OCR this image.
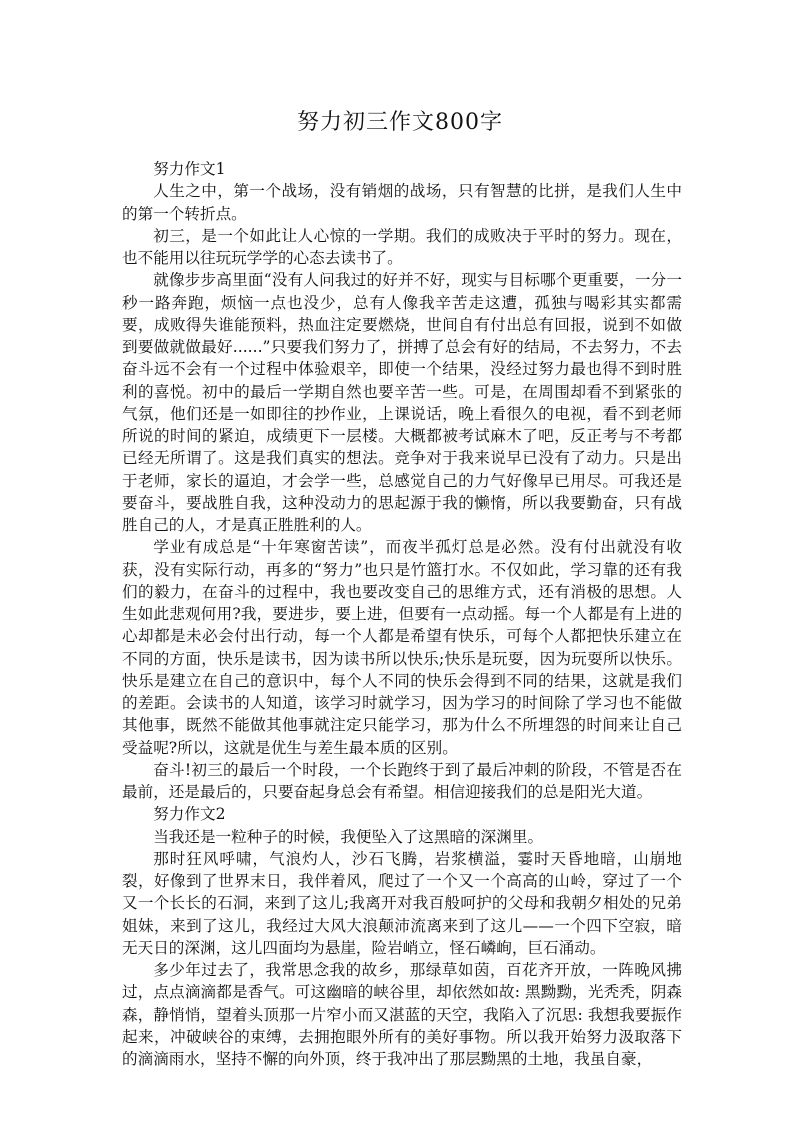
努力初三作文800字

努力作文1

人生之中，第一个战场，没有销烟的战场，只有智慧的比拼，是我们人生中的第一个转折点。

初三，是一个如此让人心惊的一学期。我们的成败决于平时的努力。现在，也不能用以往玩玩学学的心态去读书了。

就像步步高里面“没有人问我过的好并不好，现实与目标哪个更重要，一分一秒一路奔跑，烦恼一点也没少，总有人像我辛苦走这遭，孤独与喝彩其实都需要，成败得失谁能预料，热血注定要燃烧，世间自有付出总有回报，说到不如做到要做就做最好......”只要我们努力了，拼搏了总会有好的结局，不去努力，不去奋斗远不会有一个过程中体验艰辛，即使一个结果，没经过努力最也得不到时胜利的喜悦。初中的最后一学期自然也要辛苦一些。可是，在周围却看不到紧张的气氛，他们还是一如即往的抄作业，上课说话，晚上看很久的电视，看不到老师所说的时间的紧迫，成绩更下一层楼。大概都被考试麻木了吧，反正考与不考都已经无所谓了。这是我们真实的想法。竞争对于我来说早已没有了动力。只是出于老师，家长的逼迫，才会学一些，总感觉自己的力气好像早已用尽。可我还是要奋斗，要战胜自我，这种没动力的思起源于我的懒惰，所以我要勤奋，只有战胜自己的人，才是真正胜胜利的人。

学业有成总是“十年寒窗苦读”，而夜半孤灯总是必然。没有付出就没有收获，没有实际行动，再多的“努力”也只是竹篮打水。不仅如此，学习靠的还有我们的毅力，在奋斗的过程中，我也要改变自己的思维方式，还有消极的思想。人生如此悲观何用?我，要进步，要上进，但要有一点动摇。每一个人都是有上进的心却都是未必会付出行动，每一个人都是希望有快乐，可每个人都把快乐建立在不同的方面，快乐是读书，因为读书所以快乐;快乐是玩耍，因为玩耍所以快乐。快乐是建立在自己的意识中，每个人不同的快乐会得到不同的结果，这就是我们的差距。会读书的人知道，该学习时就学习，因为学习的时间除了学习也不能做其他事，既然不能做其他事就注定只能学习，那为什么不所埋怨的时间来让自己受益呢?所以，这就是优生与差生最本质的区别。

奋斗!初三的最后一个时段，一个长跑终于到了最后冲刺的阶段，不管是否在最前，还是最后的，只要奋起身总会有希望。相信迎接我们的总是阳光大道。

努力作文2

当我还是一粒种子的时候，我便坠入了这黑暗的深渊里。

那时狂风呼啸，气浪灼人，沙石飞腾，岩浆横溢，霎时天昏地暗，山崩地裂，好像到了世界末日，我伴着风，爬过了一个又一个高高的山岭，穿过了一个又一个长长的石洞，来到了这儿;我离开对我百般呵护的父母和我朝夕相处的兄弟姐妹，来到了这儿，我经过大风大浪颠沛流离来到了这儿——一个四下空寂，暗无天日的深渊，这儿四面均为悬崖，险岩峭立，怪石嶙峋，巨石涌动。

多少年过去了，我常思念我的故乡，那绿草如茵，百花齐开放，一阵晚风拂过，点点滴滴都是香气。可这幽暗的峡谷里，却依然如故: 黑黝黝，光秃秃，阴森森，静悄悄，望着头顶那一片窄小而又湛蓝的天空，我陷入了沉思: 我想我要振作起来，冲破峡谷的束缚，去拥抱眼外所有的美好事物。所以我开始努力汲取落下的滴滴雨水，坚持不懈的向外顶，终于我冲出了那层黝黑的土地，我虽自豪，
